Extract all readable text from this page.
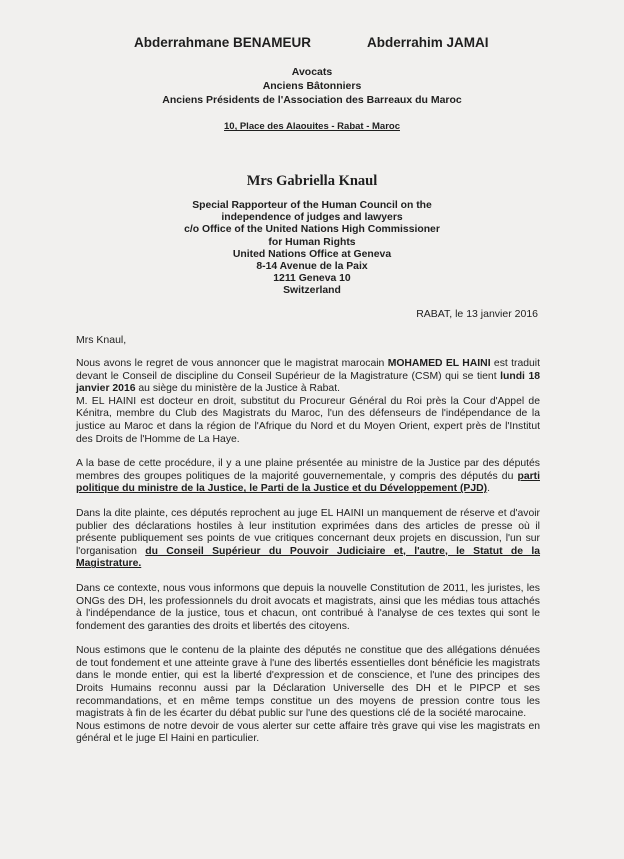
Abderrahmane BENAMEUR	Abderrahim JAMAI
Avocats
Anciens Bâtonniers
Anciens Présidents de l'Association des Barreaux du Maroc
10, Place des Alaouites - Rabat - Maroc
Mrs Gabriella Knaul
Special Rapporteur of the Human Council on the
independence of judges and lawyers
c/o Office of the United Nations High Commissioner
for Human Rights
United Nations Office at Geneva
8-14 Avenue de la Paix
1211 Geneva 10
Switzerland
RABAT, le 13 janvier 2016
Mrs Knaul,

Nous avons le regret de vous annoncer que le magistrat marocain MOHAMED EL HAINI est traduit devant le Conseil de discipline du Conseil Supérieur de la Magistrature (CSM) qui se tient lundi 18 janvier 2016 au siège du ministère de la Justice à Rabat.

M. EL HAINI est docteur en droit, substitut du Procureur Général du Roi près la Cour d'Appel de Kénitra, membre du Club des Magistrats du Maroc, l'un des défenseurs de l'indépendance de la justice au Maroc et dans la région de l'Afrique du Nord et du Moyen Orient, expert près de l'Institut des Droits de l'Homme de La Haye.

A la base de cette procédure, il y a une plaine présentée au ministre de la Justice par des députés membres des groupes politiques de la majorité gouvernementale, y compris des députés du parti politique du ministre de la Justice, le Parti de la Justice et du Développement (PJD).

Dans la dite plainte, ces députés reprochent au juge EL HAINI un manquement de réserve et d'avoir publier des déclarations hostiles à leur institution exprimées dans des articles de presse où il présente publiquement ses points de vue critiques concernant deux projets en discussion, l'un sur l'organisation du Conseil Supérieur du Pouvoir Judiciaire et, l'autre, le Statut de la Magistrature.

Dans ce contexte, nous vous informons que depuis la nouvelle Constitution de 2011, les juristes, les ONGs des DH, les professionnels du droit avocats et magistrats, ainsi que les médias tous attachés à l'indépendance de la justice, tous et chacun, ont contribué à l'analyse de ces textes qui sont le fondement des garanties des droits et libertés des citoyens.

Nous estimons que le contenu de la plainte des députés ne constitue que des allégations dénuées de tout fondement et une atteinte grave à l'une des libertés essentielles dont bénéficie les magistrats dans le monde entier, qui est la liberté d'expression et de conscience, et l'une des principes des Droits Humains reconnu aussi par la Déclaration Universelle des DH et le PIPCP et ses recommandations, et en même temps constitue un des moyens de pression contre tous les magistrats à fin de les écarter du débat public sur l'une des questions clé de la société marocaine.

Nous estimons de notre devoir de vous alerter sur cette affaire très grave qui vise les magistrats en général et le juge El Haini en particulier.
